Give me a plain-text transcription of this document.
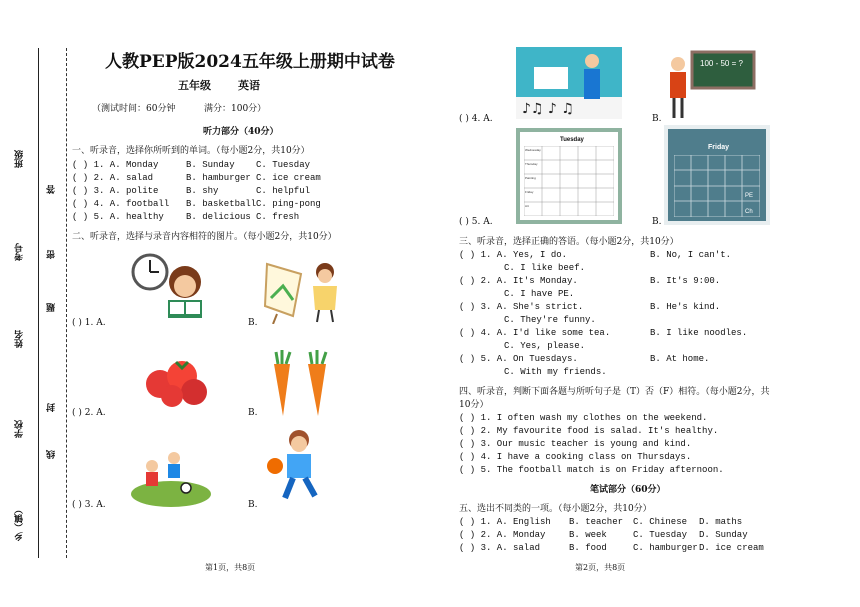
班级
考号
姓名
学校
乡（镇）
答
密
题
封
线
人教PEP版2024五年级上册期中试卷
五年级 英语
（测试时间：60分钟	满分：100分）
听力部分（40分）
一、听录音，选择你所听到的单词。（每小题2分，共10分）
( ) 1. A. Monday	B. Sunday C. Tuesday
( ) 2. A. salad	B. hamburger C. ice cream
( ) 3. A. polite	B. shy	C. helpful
( ) 4. A. football B. basketball C. ping-pong
( ) 5. A. healthy B. delicious C. fresh
二、听录音，选择与录音内容相符的图片。（每小题2分，共10分）
( ) 1. A.	B.
( ) 2. A.	B.
( ) 3. A.	B.
第1页，共8页
♪♫ ♪ ♫
100 - 50 = ?
( ) 4. A.	B.
Tuesday
Wednesday
Thursday
Painting
Friday
Art
Friday
PE
Ch
( ) 5. A.	B.
三、听录音，选择正确的答语。（每小题2分，共10分）
( ) 1. A. Yes, I do.	B. No, I can't.
C. I like beef.
( ) 2. A. It's Monday.	B. It's 9:00.
C. I have PE.
( ) 3. A. She's strict.	B. He's kind.
C. They're funny.
( ) 4. A. I'd like some tea.	B. I like noodles.
C. Yes, please.
( ) 5. A. On Tuesdays.	B. At home.
C. With my friends.
四、听录音，判断下面各题与所听句子是（T）否（F）相符。（每小题2分，共
10分）
( ) 1. I often wash my clothes on the weekend.
( ) 2. My favourite food is salad. It's healthy.
( ) 3. Our music teacher is young and kind.
( ) 4. I have a cooking class on Thursdays.
( ) 5. The football match is on Friday afternoon.
笔试部分（60分）
五、选出不同类的一项。（每小题2分，共10分）
( ) 1. A. English B. teacher C. Chinese D. maths
( ) 2. A. Monday	B. week	C. Tuesday D. Sunday
( ) 3. A. salad	B. food	C. hamburger D. ice cream
第2页，共8页
